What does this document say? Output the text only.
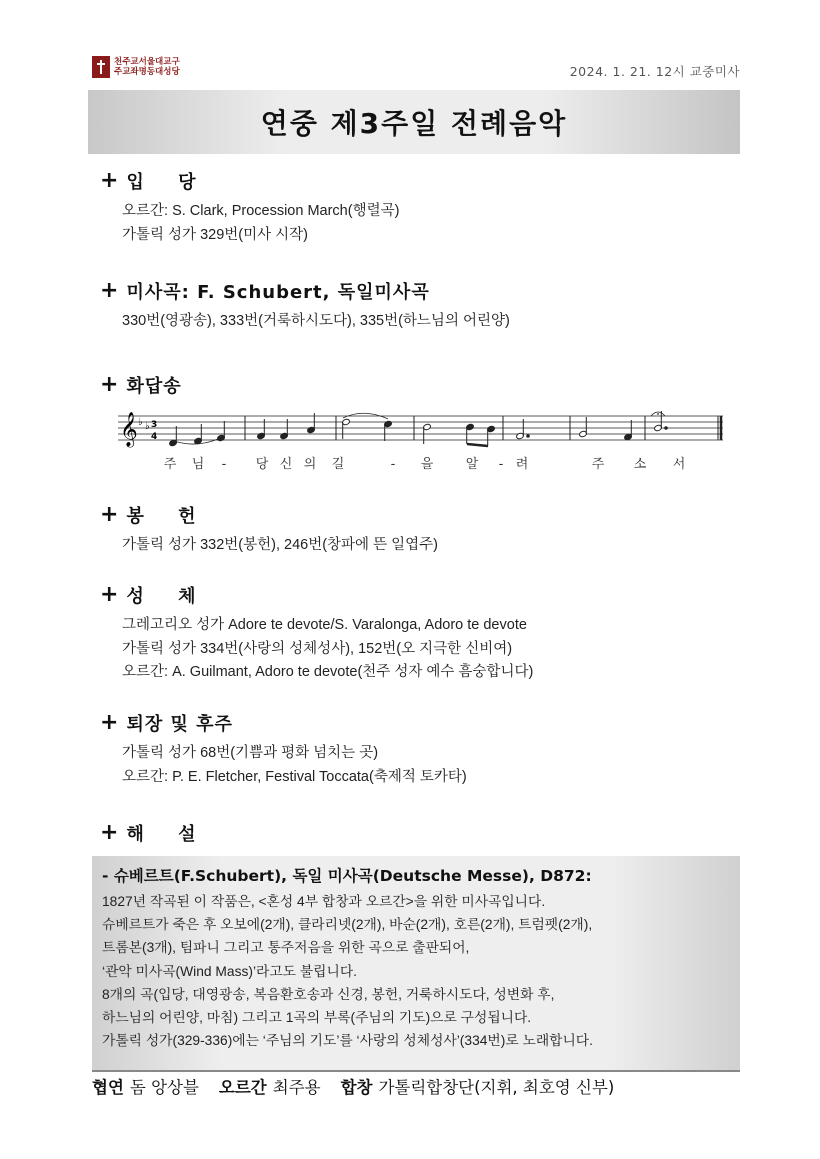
천주교서울대교구
주교좌명동대성당	2024. 1. 21. 12시 교중미사
연중 제3주일 전례음악
+ 입 당
오르간: S. Clark, Procession March(행렬곡)
가톨릭 성가 329번(미사 시작)
+ 미사곡: F. Schubert, 독일미사곡
330번(영광송), 333번(거룩하시도다), 335번(하느님의 어린양)
+ 화답송
𝄞 ♭ ♭ 3
4
주 님 - 당 신 의 길	- 을 알 - 려	주 소 서
+ 봉 헌
가톨릭 성가 332번(봉헌), 246번(창파에 뜬 일엽주)
+ 성 체
그레고리오 성가 Adore te devote/S. Varalonga, Adoro te devote
가톨릭 성가 334번(사랑의 성체성사), 152번(오 지극한 신비여)
오르간: A. Guilmant, Adoro te devote(천주 성자 예수 흠숭합니다)
+ 퇴장 및 후주
가톨릭 성가 68번(기쁨과 평화 넘치는 곳)
오르간: P. E. Fletcher, Festival Toccata(축제적 토카타)
+ 해 설
- 슈베르트(F.Schubert), 독일 미사곡(Deutsche Messe), D872:
1827년 작곡된 이 작품은, <혼성 4부 합창과 오르간>을 위한 미사곡입니다.
슈베르트가 죽은 후 오보에(2개), 클라리넷(2개), 바순(2개), 호른(2개), 트럼펫(2개),
트롬본(3개), 팀파니 그리고 통주저음을 위한 곡으로 출판되어,
‘관악 미사곡(Wind Mass)’라고도 불립니다.
8개의 곡(입당, 대영광송, 복음환호송과 신경, 봉헌, 거룩하시도다, 성변화 후,
하느님의 어린양, 마침) 그리고 1곡의 부록(주님의 기도)으로 구성됩니다.
가톨릭 성가(329-336)에는 ‘주님의 기도’를 ‘사랑의 성체성사’(334번)로 노래합니다.
협연 돔 앙상블 오르간 최주용 합창 가톨릭합창단(지휘, 최호영 신부)
